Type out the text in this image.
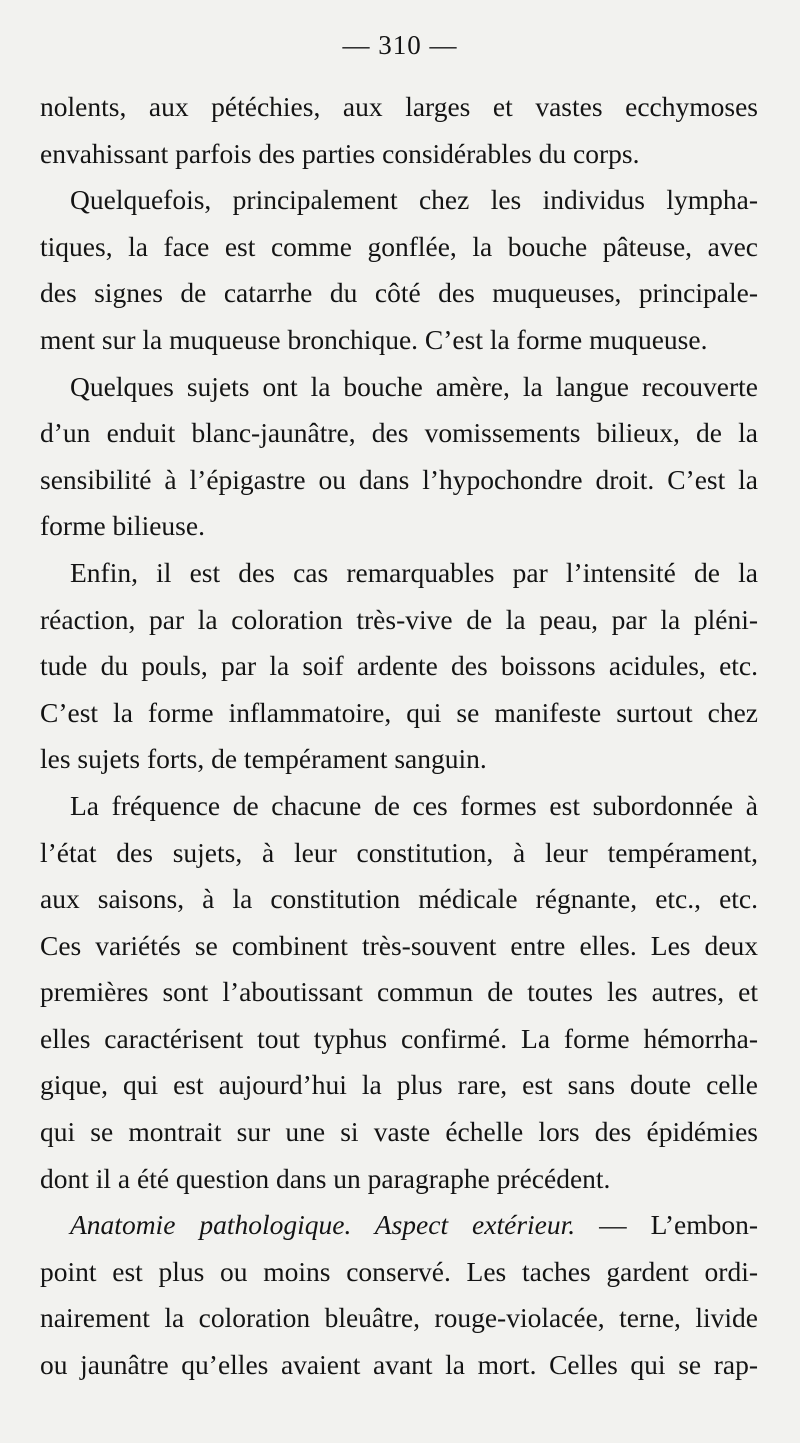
— 310 —
nolents, aux pétéchies, aux larges et vastes ecchymoses
envahissant parfois des parties considérables du corps.
Quelquefois, principalement chez les individus lympha-
tiques, la face est comme gonflée, la bouche pâteuse, avec
des signes de catarrhe du côté des muqueuses, principale-
ment sur la muqueuse bronchique. C’est la forme muqueuse.
Quelques sujets ont la bouche amère, la langue recouverte
d’un enduit blanc-jaunâtre, des vomissements bilieux, de la
sensibilité à l’épigastre ou dans l’hypochondre droit. C’est la
forme bilieuse.
Enfin, il est des cas remarquables par l’intensité de la
réaction, par la coloration très-vive de la peau, par la pléni-
tude du pouls, par la soif ardente des boissons acidules, etc.
C’est la forme inflammatoire, qui se manifeste surtout chez
les sujets forts, de tempérament sanguin.
La fréquence de chacune de ces formes est subordonnée à
l’état des sujets, à leur constitution, à leur tempérament,
aux saisons, à la constitution médicale régnante, etc., etc.
Ces variétés se combinent très-souvent entre elles. Les deux
premières sont l’aboutissant commun de toutes les autres, et
elles caractérisent tout typhus confirmé. La forme hémorrha-
gique, qui est aujourd’hui la plus rare, est sans doute celle
qui se montrait sur une si vaste échelle lors des épidémies
dont il a été question dans un paragraphe précédent.
Anatomie pathologique. Aspect extérieur. — L’embon-
point est plus ou moins conservé. Les taches gardent ordi-
nairement la coloration bleuâtre, rouge-violacée, terne, livide
ou jaunâtre qu’elles avaient avant la mort. Celles qui se rap-
